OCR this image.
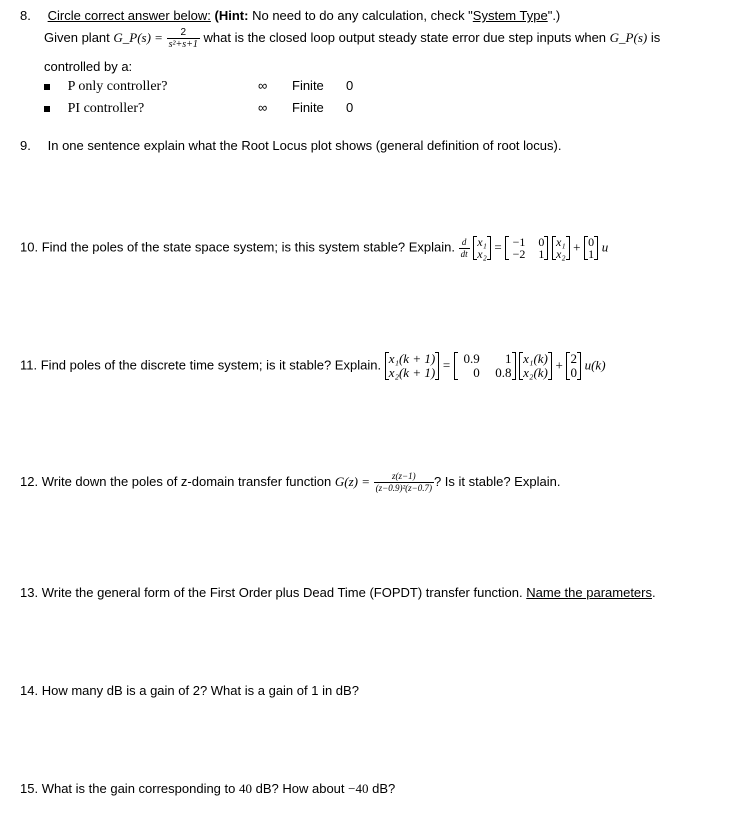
8. Circle correct answer below: (Hint: No need to do any calculation, check "System Type".)
Given plant G_P(s) = $\frac{2}{\text{s²+s+1}}$ what is the closed loop output steady state error due step inputs when G_P(s) is
controlled by a:
P only controller?	∞ Finite 0
PI controller?	∞ Finite 0
9. In one sentence explain what the Root Locus plot shows (general definition of root locus).
10. Find the poles of the state space system; is this system stable? Explain. $\frac{d}{dt}$
x₁
x₂ = −1 0
−2 1

x₁
x₂ + 0
1 u
11. Find poles of the discrete time system; is it stable? Explain. x₁(k + 1)
x₂(k + 1)
=	0.9 1
0 0.8

x₁(k)
x₂(k)
+ 2
0
u(k)
12. Write down the poles of z-domain transfer function $G(z) = \frac{z(z-1)}{\text{(z−0.9)²(z−0.7)}}$ ? Is it stable? Explain.
13. Write the general form of the First Order plus Dead Time (FOPDT) transfer function. Name the parameters.
14. How many dB is a gain of 2? What is a gain of 1 in dB?
15. What is the gain corresponding to 40 dB? How about −40 dB?
